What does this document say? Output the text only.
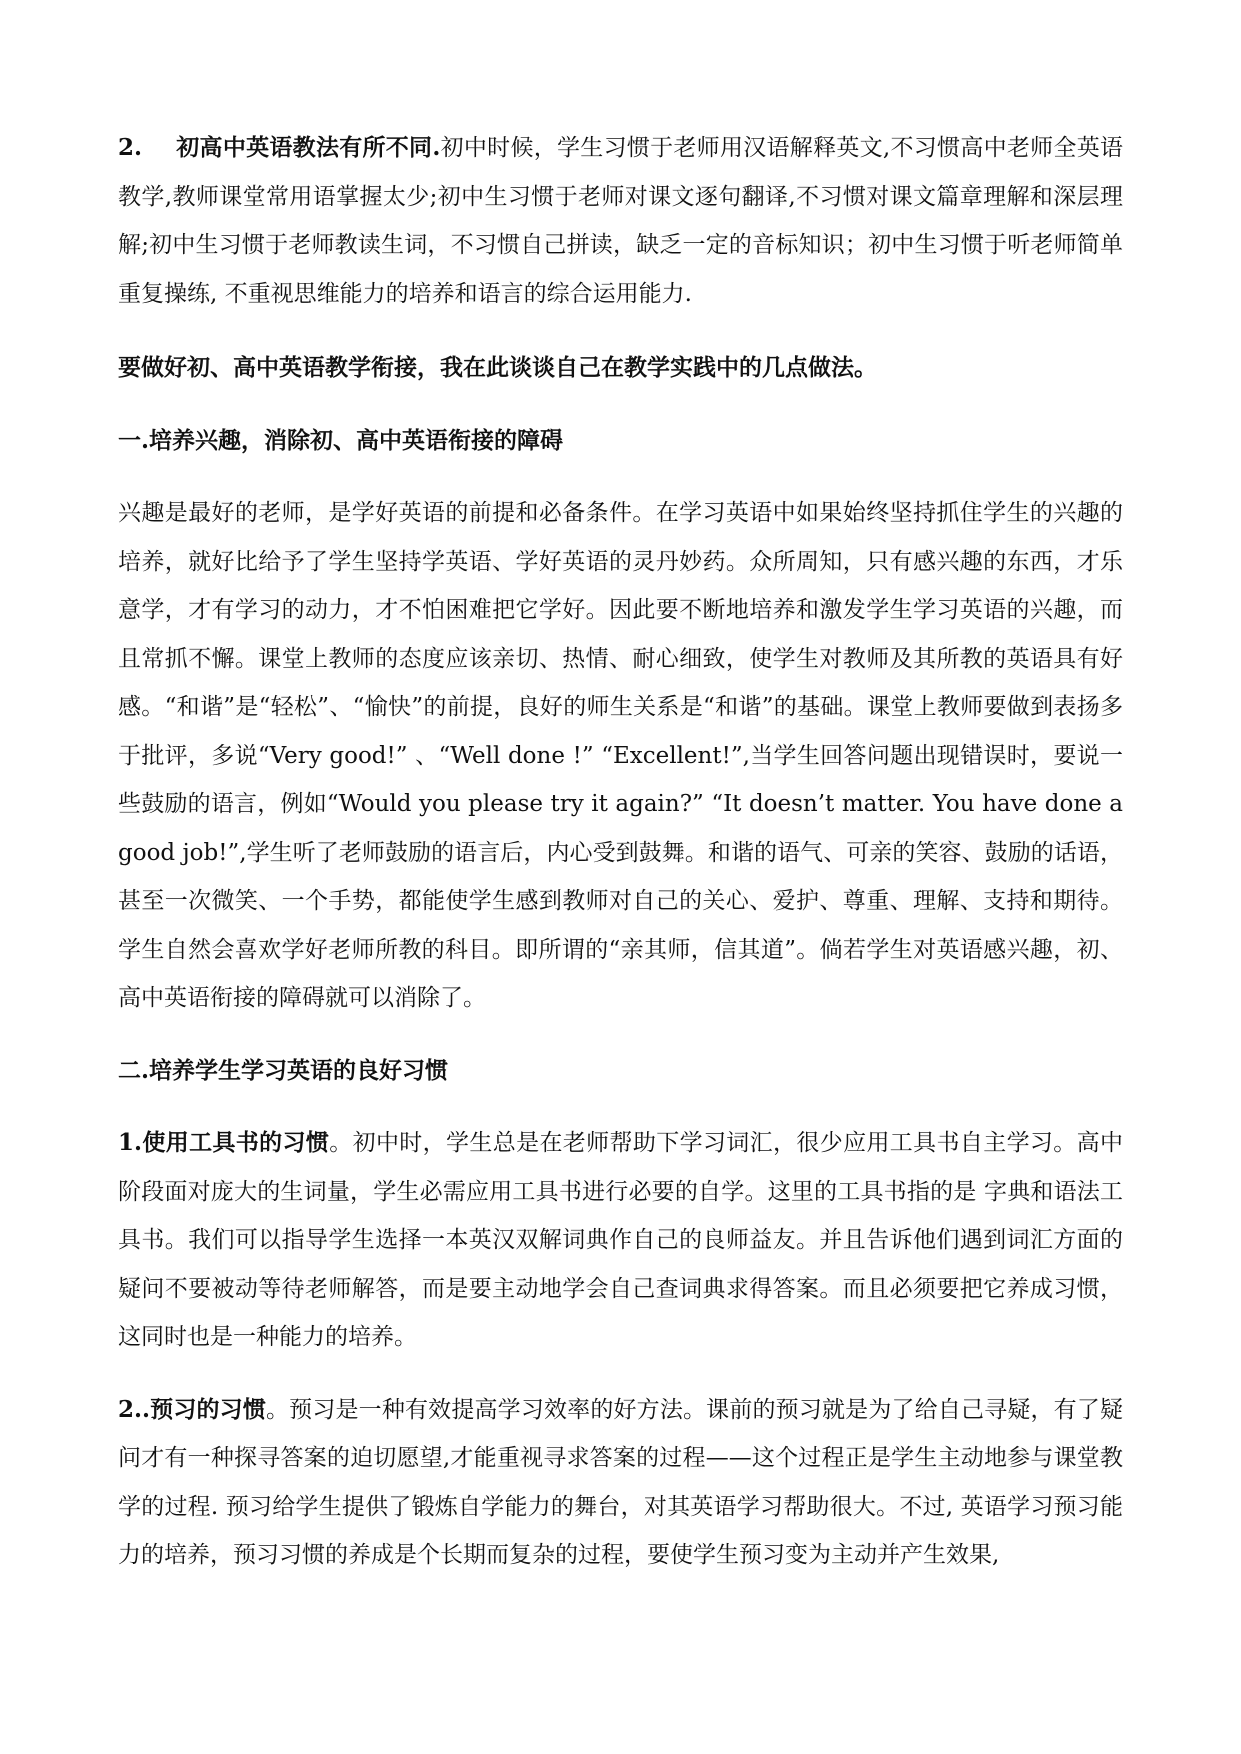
2. 初高中英语教法有所不同.初中时候，学生习惯于老师用汉语解释英文,不习惯高中老师全英语教学,教师课堂常用语掌握太少;初中生习惯于老师对课文逐句翻译,不习惯对课文篇章理解和深层理解;初中生习惯于老师教读生词，不习惯自己拼读，缺乏一定的音标知识；初中生习惯于听老师简单重复操练, 不重视思维能力的培养和语言的综合运用能力.

要做好初、高中英语教学衔接，我在此谈谈自己在教学实践中的几点做法。

一.培养兴趣，消除初、高中英语衔接的障碍

兴趣是最好的老师，是学好英语的前提和必备条件。在学习英语中如果始终坚持抓住学生的兴趣的培养，就好比给予了学生坚持学英语、学好英语的灵丹妙药。众所周知，只有感兴趣的东西，才乐意学，才有学习的动力，才不怕困难把它学好。因此要不断地培养和激发学生学习英语的兴趣，而且常抓不懈。课堂上教师的态度应该亲切、热情、耐心细致，使学生对教师及其所教的英语具有好感。“和谐”是“轻松”、“愉快”的前提，良好的师生关系是“和谐”的基础。课堂上教师要做到表扬多于批评，多说“Very good!” 、“Well done !” “Excellent!”,当学生回答问题出现错误时，要说一些鼓励的语言，例如“Would you please try it again?” “It doesn’t matter. You have done a good job!”,学生听了老师鼓励的语言后，内心受到鼓舞。和谐的语气、可亲的笑容、鼓励的话语，甚至一次微笑、一个手势，都能使学生感到教师对自己的关心、爱护、尊重、理解、支持和期待。学生自然会喜欢学好老师所教的科目。即所谓的“亲其师，信其道”。倘若学生对英语感兴趣，初、高中英语衔接的障碍就可以消除了。

二.培养学生学习英语的良好习惯

1.使用工具书的习惯。初中时，学生总是在老师帮助下学习词汇，很少应用工具书自主学习。高中阶段面对庞大的生词量，学生必需应用工具书进行必要的自学。这里的工具书指的是 字典和语法工具书。我们可以指导学生选择一本英汉双解词典作自己的良师益友。并且告诉他们遇到词汇方面的疑问不要被动等待老师解答，而是要主动地学会自己查词典求得答案。而且必须要把它养成习惯，这同时也是一种能力的培养。

2..预习的习惯。预习是一种有效提高学习效率的好方法。课前的预习就是为了给自己寻疑，有了疑问才有一种探寻答案的迫切愿望,才能重视寻求答案的过程——这个过程正是学生主动地参与课堂教学的过程. 预习给学生提供了锻炼自学能力的舞台，对其英语学习帮助很大。不过, 英语学习预习能力的培养，预习习惯的养成是个长期而复杂的过程，要使学生预习变为主动并产生效果,
